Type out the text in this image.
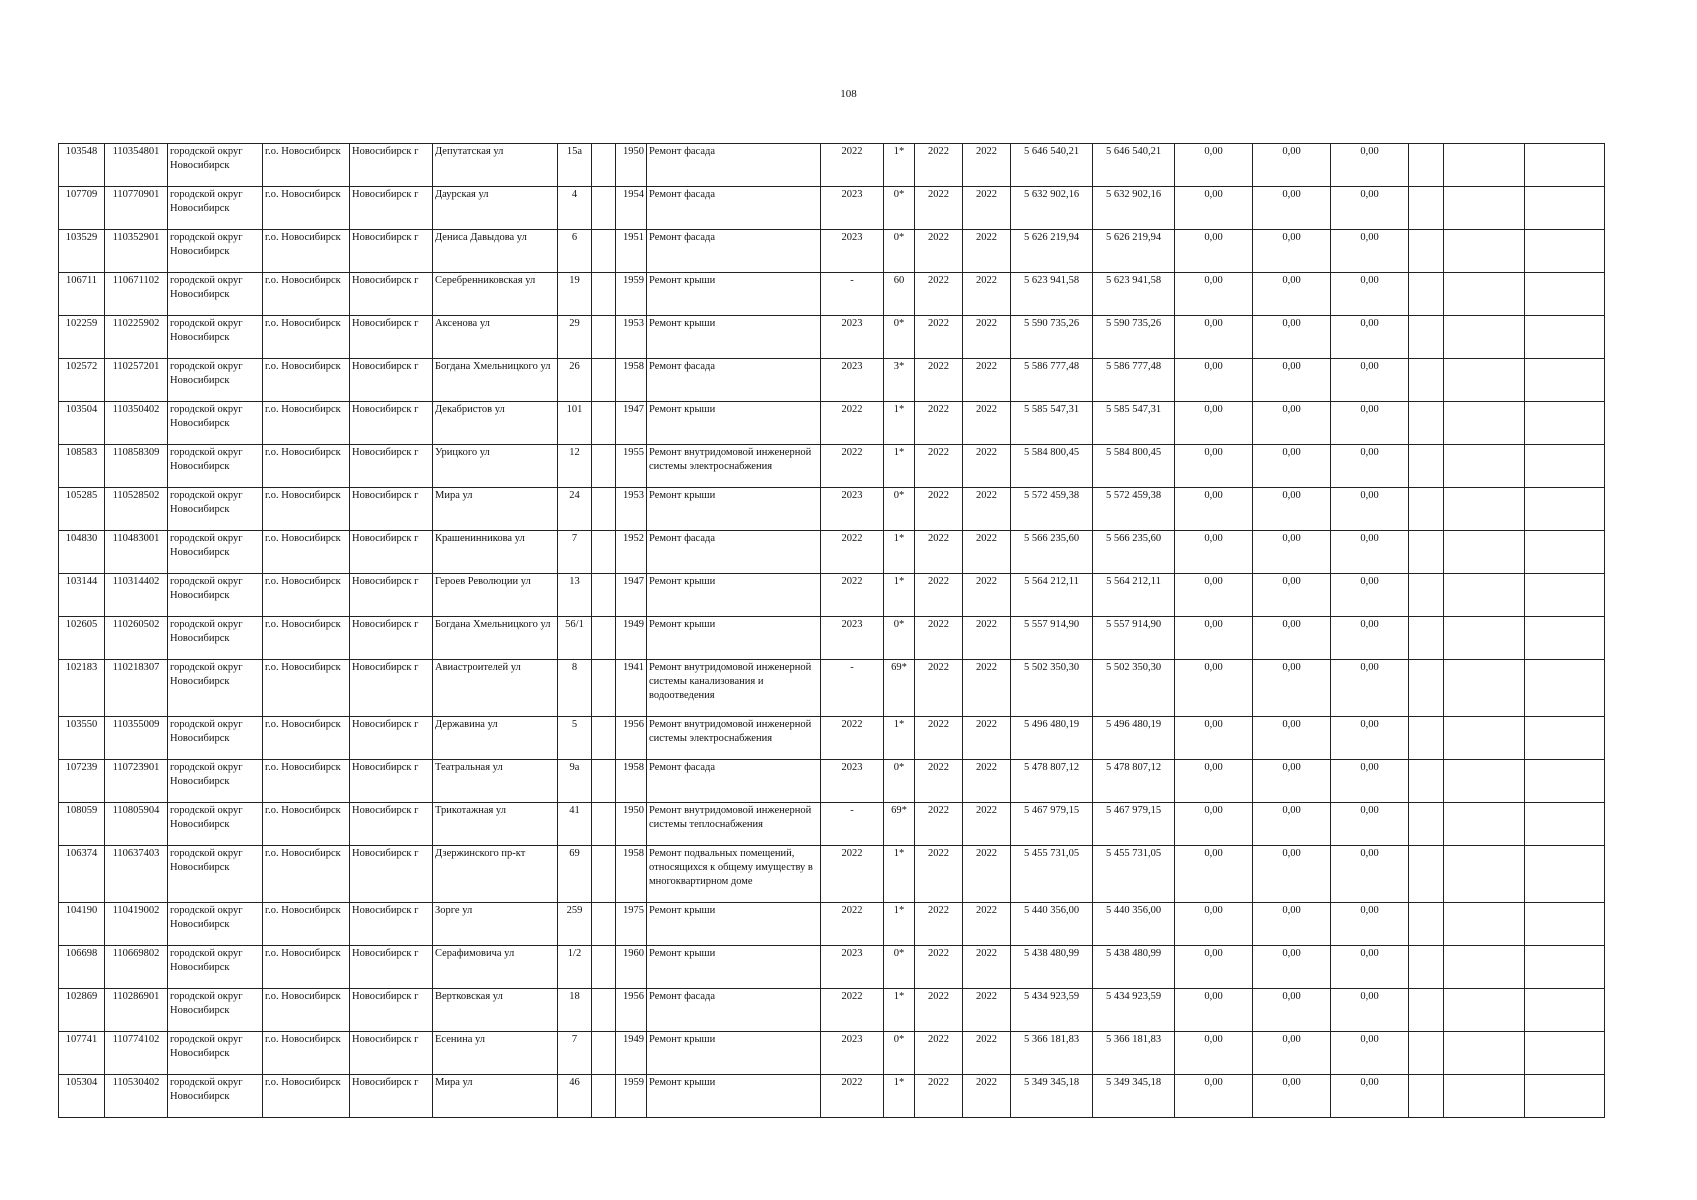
108
103548	110354801	городской округ Новосибирск	г.о. Новосибирск	Новосибирск г	Депутатская ул	15а		1950	Ремонт фасада	2022	1*	2022	2022	5 646 540,21	5 646 540,21	0,00	0,00	0,00			
107709	110770901	городской округ Новосибирск	г.о. Новосибирск	Новосибирск г	Даурская ул	4		1954	Ремонт фасада	2023	0*	2022	2022	5 632 902,16	5 632 902,16	0,00	0,00	0,00			
103529	110352901	городской округ Новосибирск	г.о. Новосибирск	Новосибирск г	Дениса Давыдова ул	6		1951	Ремонт фасада	2023	0*	2022	2022	5 626 219,94	5 626 219,94	0,00	0,00	0,00			
106711	110671102	городской округ Новосибирск	г.о. Новосибирск	Новосибирск г	Серебренниковская ул	19		1959	Ремонт крыши	-	60	2022	2022	5 623 941,58	5 623 941,58	0,00	0,00	0,00			
102259	110225902	городской округ Новосибирск	г.о. Новосибирск	Новосибирск г	Аксенова ул	29		1953	Ремонт крыши	2023	0*	2022	2022	5 590 735,26	5 590 735,26	0,00	0,00	0,00			
102572	110257201	городской округ Новосибирск	г.о. Новосибирск	Новосибирск г	Богдана Хмельницкого ул	26		1958	Ремонт фасада	2023	3*	2022	2022	5 586 777,48	5 586 777,48	0,00	0,00	0,00			
103504	110350402	городской округ Новосибирск	г.о. Новосибирск	Новосибирск г	Декабристов ул	101		1947	Ремонт крыши	2022	1*	2022	2022	5 585 547,31	5 585 547,31	0,00	0,00	0,00			
108583	110858309	городской округ Новосибирск	г.о. Новосибирск	Новосибирск г	Урицкого ул	12		1955	Ремонт внутридомовой инженерной системы электроснабжения	2022	1*	2022	2022	5 584 800,45	5 584 800,45	0,00	0,00	0,00			
105285	110528502	городской округ Новосибирск	г.о. Новосибирск	Новосибирск г	Мира ул	24		1953	Ремонт крыши	2023	0*	2022	2022	5 572 459,38	5 572 459,38	0,00	0,00	0,00			
104830	110483001	городской округ Новосибирск	г.о. Новосибирск	Новосибирск г	Крашенинникова ул	7		1952	Ремонт фасада	2022	1*	2022	2022	5 566 235,60	5 566 235,60	0,00	0,00	0,00			
103144	110314402	городской округ Новосибирск	г.о. Новосибирск	Новосибирск г	Героев Революции ул	13		1947	Ремонт крыши	2022	1*	2022	2022	5 564 212,11	5 564 212,11	0,00	0,00	0,00			
102605	110260502	городской округ Новосибирск	г.о. Новосибирск	Новосибирск г	Богдана Хмельницкого ул	56/1		1949	Ремонт крыши	2023	0*	2022	2022	5 557 914,90	5 557 914,90	0,00	0,00	0,00			
102183	110218307	городской округ Новосибирск	г.о. Новосибирск	Новосибирск г	Авиастроителей ул	8		1941	Ремонт внутридомовой инженерной системы канализования и водоотведения	-	69*	2022	2022	5 502 350,30	5 502 350,30	0,00	0,00	0,00			
103550	110355009	городской округ Новосибирск	г.о. Новосибирск	Новосибирск г	Державина ул	5		1956	Ремонт внутридомовой инженерной системы электроснабжения	2022	1*	2022	2022	5 496 480,19	5 496 480,19	0,00	0,00	0,00			
107239	110723901	городской округ Новосибирск	г.о. Новосибирск	Новосибирск г	Театральная ул	9а		1958	Ремонт фасада	2023	0*	2022	2022	5 478 807,12	5 478 807,12	0,00	0,00	0,00			
108059	110805904	городской округ Новосибирск	г.о. Новосибирск	Новосибирск г	Трикотажная ул	41		1950	Ремонт внутридомовой инженерной системы теплоснабжения	-	69*	2022	2022	5 467 979,15	5 467 979,15	0,00	0,00	0,00			
106374	110637403	городской округ Новосибирск	г.о. Новосибирск	Новосибирск г	Дзержинского пр-кт	69		1958	Ремонт подвальных помещений, относящихся к общему имуществу в многоквартирном доме	2022	1*	2022	2022	5 455 731,05	5 455 731,05	0,00	0,00	0,00			
104190	110419002	городской округ Новосибирск	г.о. Новосибирск	Новосибирск г	Зорге ул	259		1975	Ремонт крыши	2022	1*	2022	2022	5 440 356,00	5 440 356,00	0,00	0,00	0,00			
106698	110669802	городской округ Новосибирск	г.о. Новосибирск	Новосибирск г	Серафимовича ул	1/2		1960	Ремонт крыши	2023	0*	2022	2022	5 438 480,99	5 438 480,99	0,00	0,00	0,00			
102869	110286901	городской округ Новосибирск	г.о. Новосибирск	Новосибирск г	Вертковская ул	18		1956	Ремонт фасада	2022	1*	2022	2022	5 434 923,59	5 434 923,59	0,00	0,00	0,00			
107741	110774102	городской округ Новосибирск	г.о. Новосибирск	Новосибирск г	Есенина ул	7		1949	Ремонт крыши	2023	0*	2022	2022	5 366 181,83	5 366 181,83	0,00	0,00	0,00			
105304	110530402	городской округ Новосибирск	г.о. Новосибирск	Новосибирск г	Мира ул	46		1959	Ремонт крыши	2022	1*	2022	2022	5 349 345,18	5 349 345,18	0,00	0,00	0,00			
